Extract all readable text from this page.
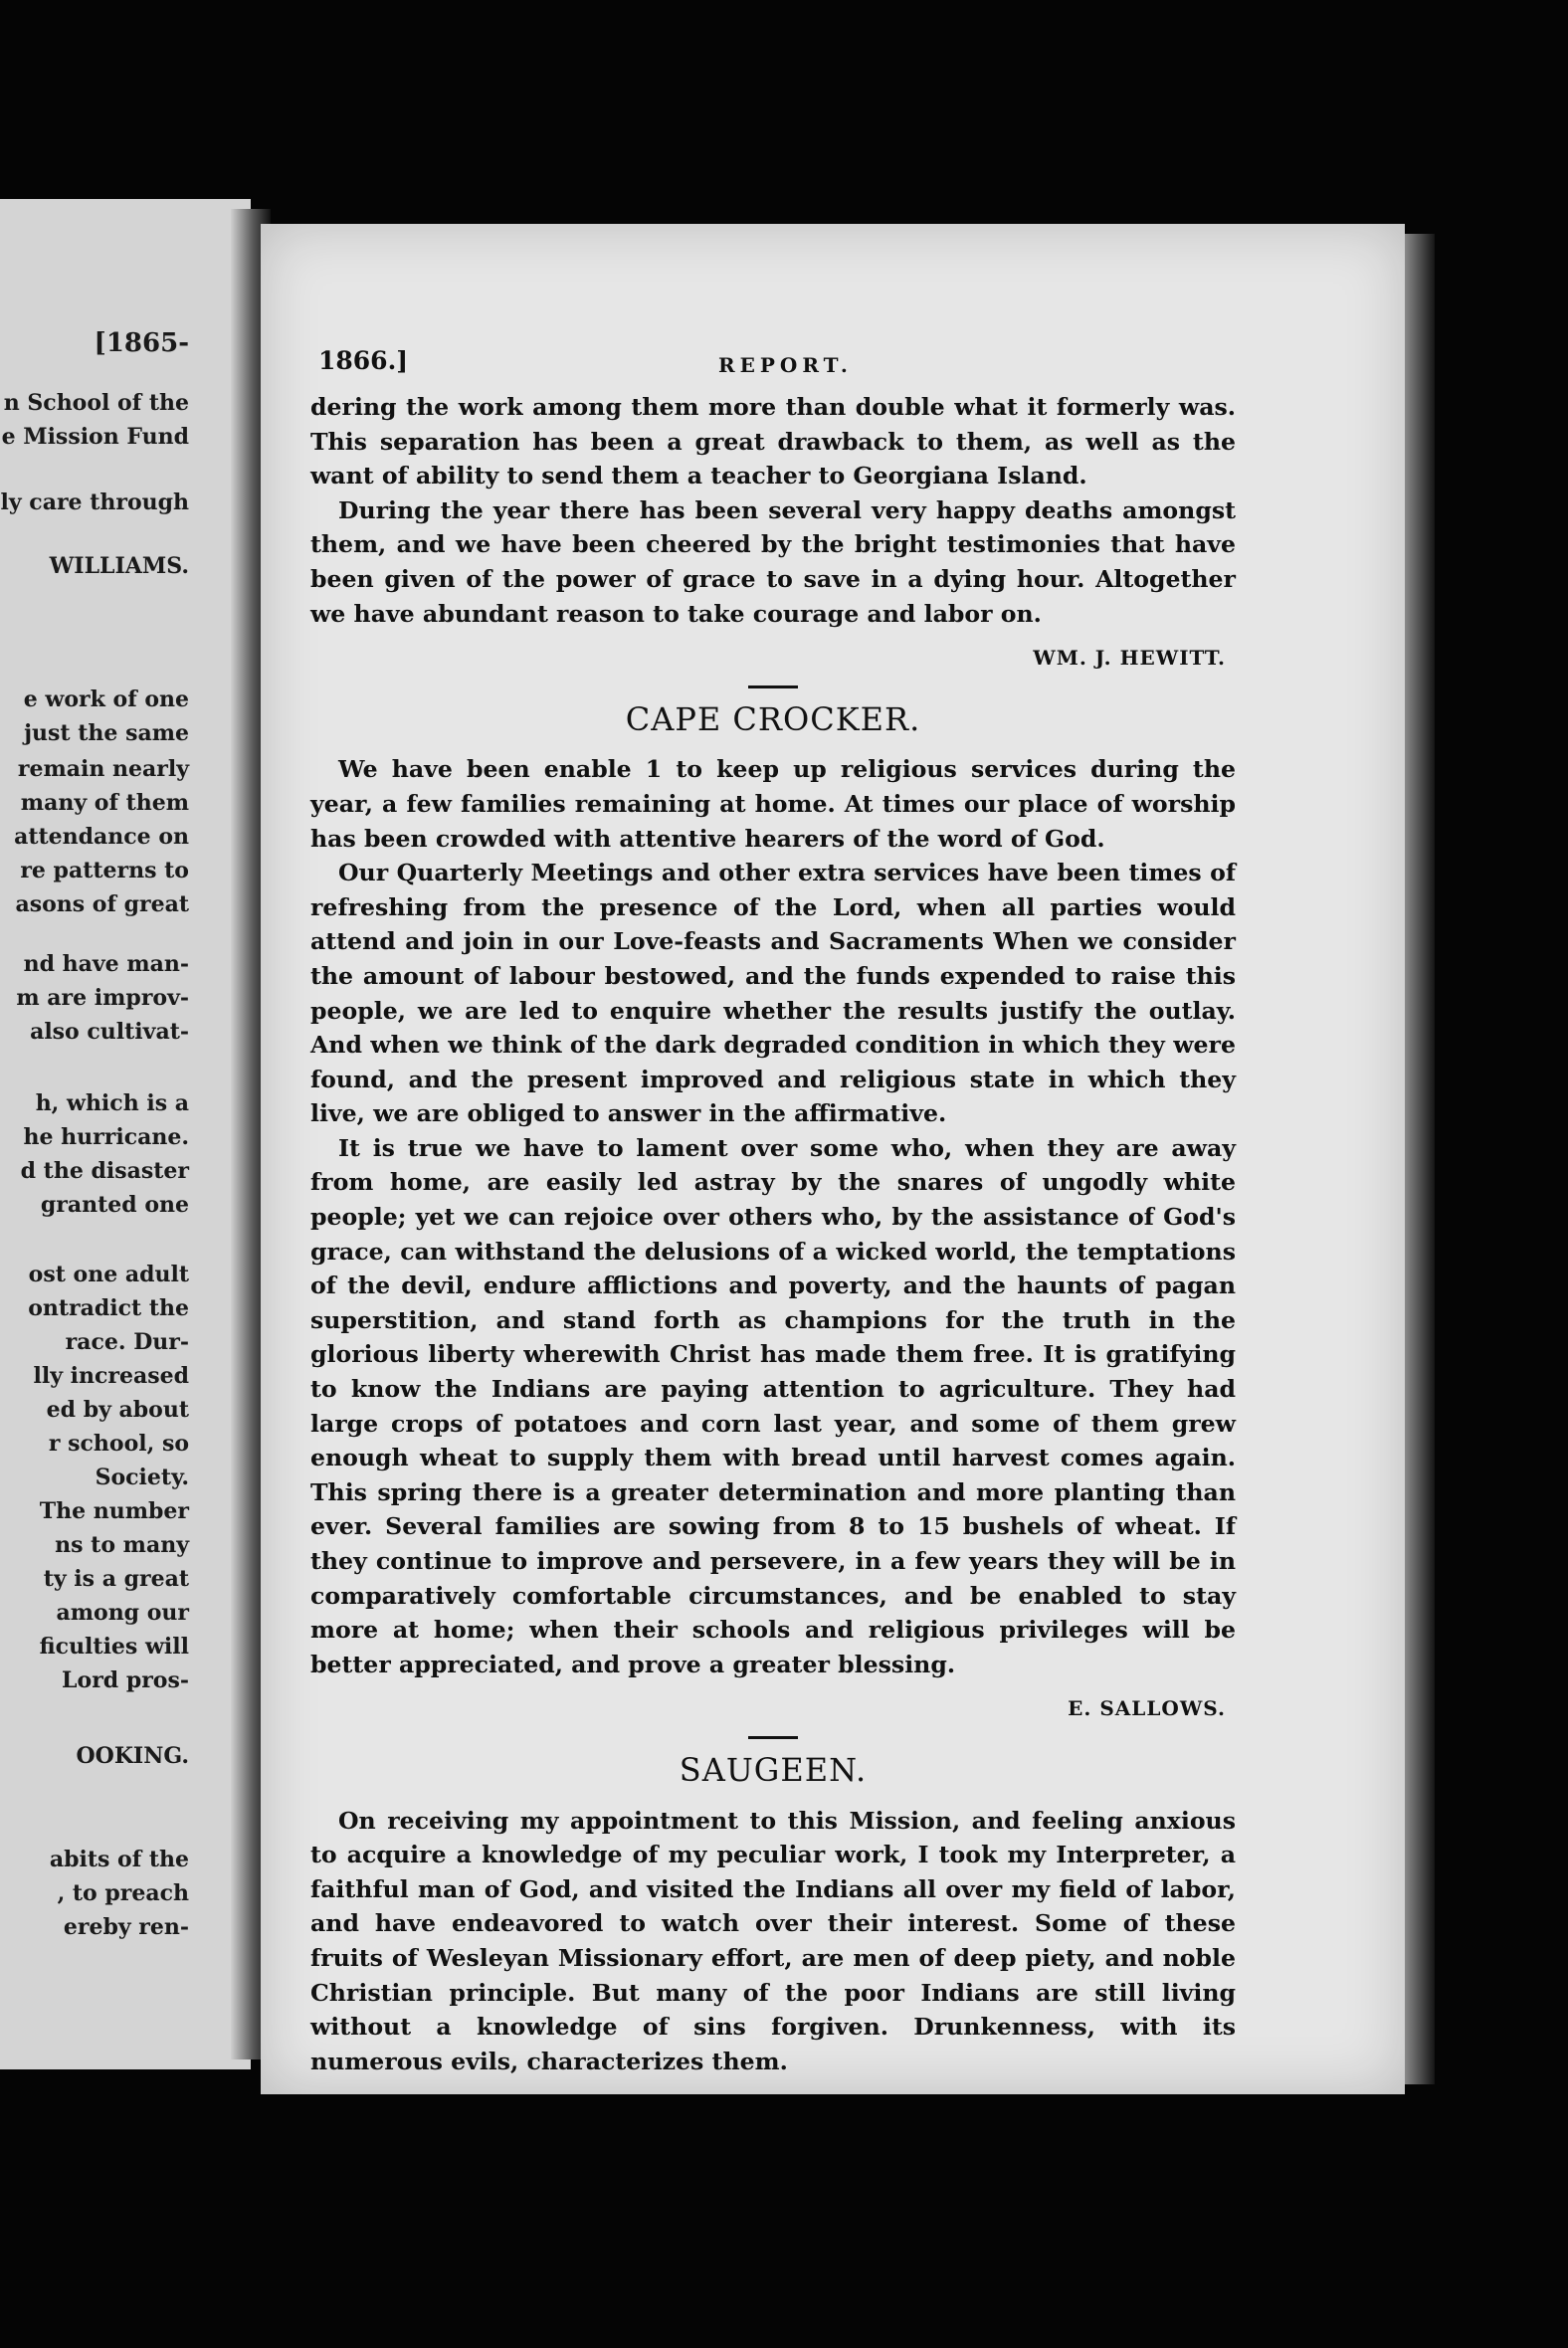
[1865-
n School of the
e Mission Fund
ly care through
WILLIAMS.
e work of one
just the same
remain nearly
many of them
attendance on
re patterns to
asons of great
nd have man-
m are improv-
also cultivat-
h, which is a
he hurricane.
d the disaster
granted one
ost one adult
ontradict the
race. Dur-
lly increased
ed by about
r school, so
Society.
The number
ns to many
ty is a great
among our
ficulties will
Lord pros-
OOKING.
abits of the
, to preach
ereby ren-
1866.]	REPORT.

dering the work among them more than double what it formerly was. This separation has been a great drawback to them, as well as the want of ability to send them a teacher to Georgiana Island.

During the year there has been several very happy deaths amongst them, and we have been cheered by the bright testimonies that have been given of the power of grace to save in a dying hour. Altogether we have abundant reason to take courage and labor on.

WM. J. HEWITT.
CAPE CROCKER.

We have been enable 1 to keep up religious services during the year, a few families remaining at home. At times our place of worship has been crowded with attentive hearers of the word of God.

Our Quarterly Meetings and other extra services have been times of refreshing from the presence of the Lord, when all parties would attend and join in our Love-feasts and Sacraments When we consider the amount of labour bestowed, and the funds expended to raise this people, we are led to enquire whether the results justify the outlay. And when we think of the dark degraded condition in which they were found, and the present improved and religious state in which they live, we are obliged to answer in the affirmative.

It is true we have to lament over some who, when they are away from home, are easily led astray by the snares of ungodly white people; yet we can rejoice over others who, by the assistance of God's grace, can withstand the delusions of a wicked world, the temptations of the devil, endure afflictions and poverty, and the haunts of pagan superstition, and stand forth as champions for the truth in the glorious liberty wherewith Christ has made them free. It is gratifying to know the Indians are paying attention to agriculture. They had large crops of potatoes and corn last year, and some of them grew enough wheat to supply them with bread until harvest comes again. This spring there is a greater determination and more planting than ever. Several families are sowing from 8 to 15 bushels of wheat. If they continue to improve and persevere, in a few years they will be in comparatively comfortable circumstances, and be enabled to stay more at home; when their schools and religious privileges will be better appreciated, and prove a greater blessing.

E. SALLOWS.
SAUGEEN.

On receiving my appointment to this Mission, and feeling anxious to acquire a knowledge of my peculiar work, I took my Interpreter, a faithful man of God, and visited the Indians all over my field of labor, and have endeavored to watch over their interest. Some of these fruits of Wesleyan Missionary effort, are men of deep piety, and noble Christian principle. But many of the poor Indians are still living without a knowledge of sins forgiven. Drunkenness, with its numerous evils, characterizes them.
